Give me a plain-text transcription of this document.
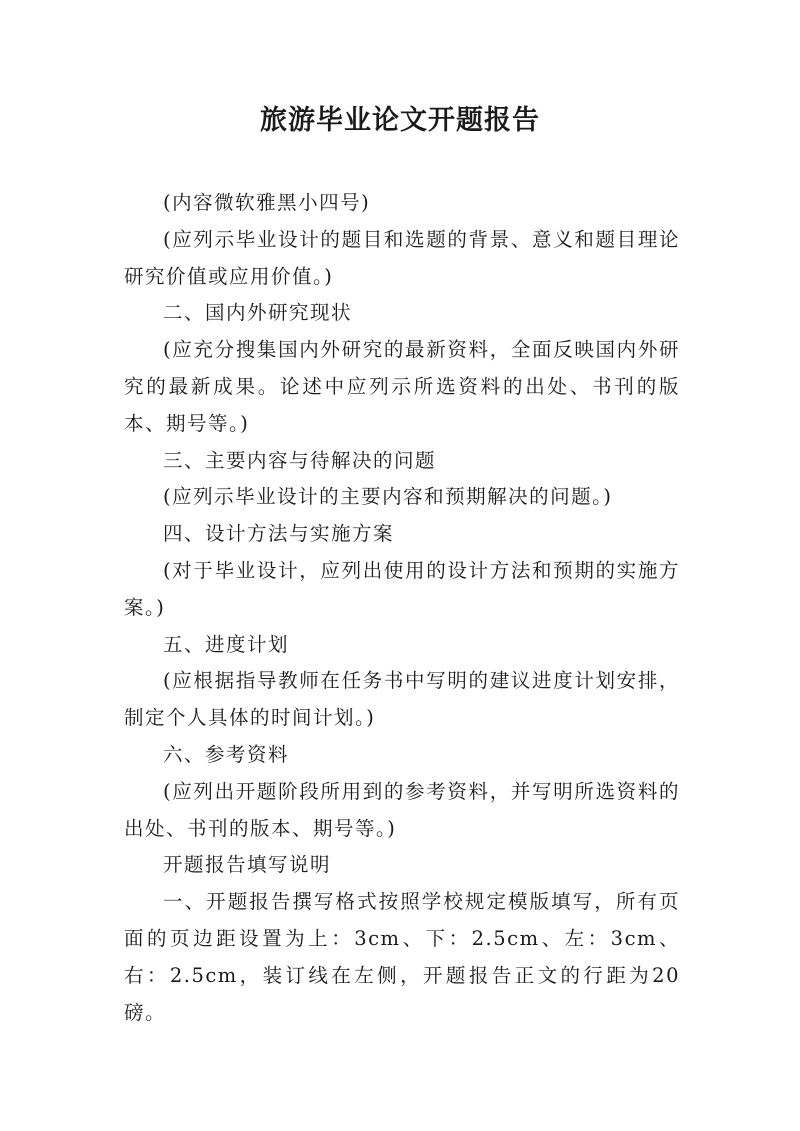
旅游毕业论文开题报告

(内容微软雅黑小四号)

(应列示毕业设计的题目和选题的背景、意义和题目理论研究价值或应用价值。)

二、国内外研究现状

(应充分搜集国内外研究的最新资料，全面反映国内外研究的最新成果。论述中应列示所选资料的出处、书刊的版本、期号等。)

三、主要内容与待解决的问题

(应列示毕业设计的主要内容和预期解决的问题。)

四、设计方法与实施方案

(对于毕业设计，应列出使用的设计方法和预期的实施方案。)

五、进度计划

(应根据指导教师在任务书中写明的建议进度计划安排，制定个人具体的时间计划。)

六、参考资料

(应列出开题阶段所用到的参考资料，并写明所选资料的出处、书刊的版本、期号等。)

开题报告填写说明

一、开题报告撰写格式按照学校规定模版填写，所有页面的页边距设置为上：3cm、下：2.5cm、左：3cm、右：2.5cm，装订线在左侧，开题报告正文的行距为20磅。
